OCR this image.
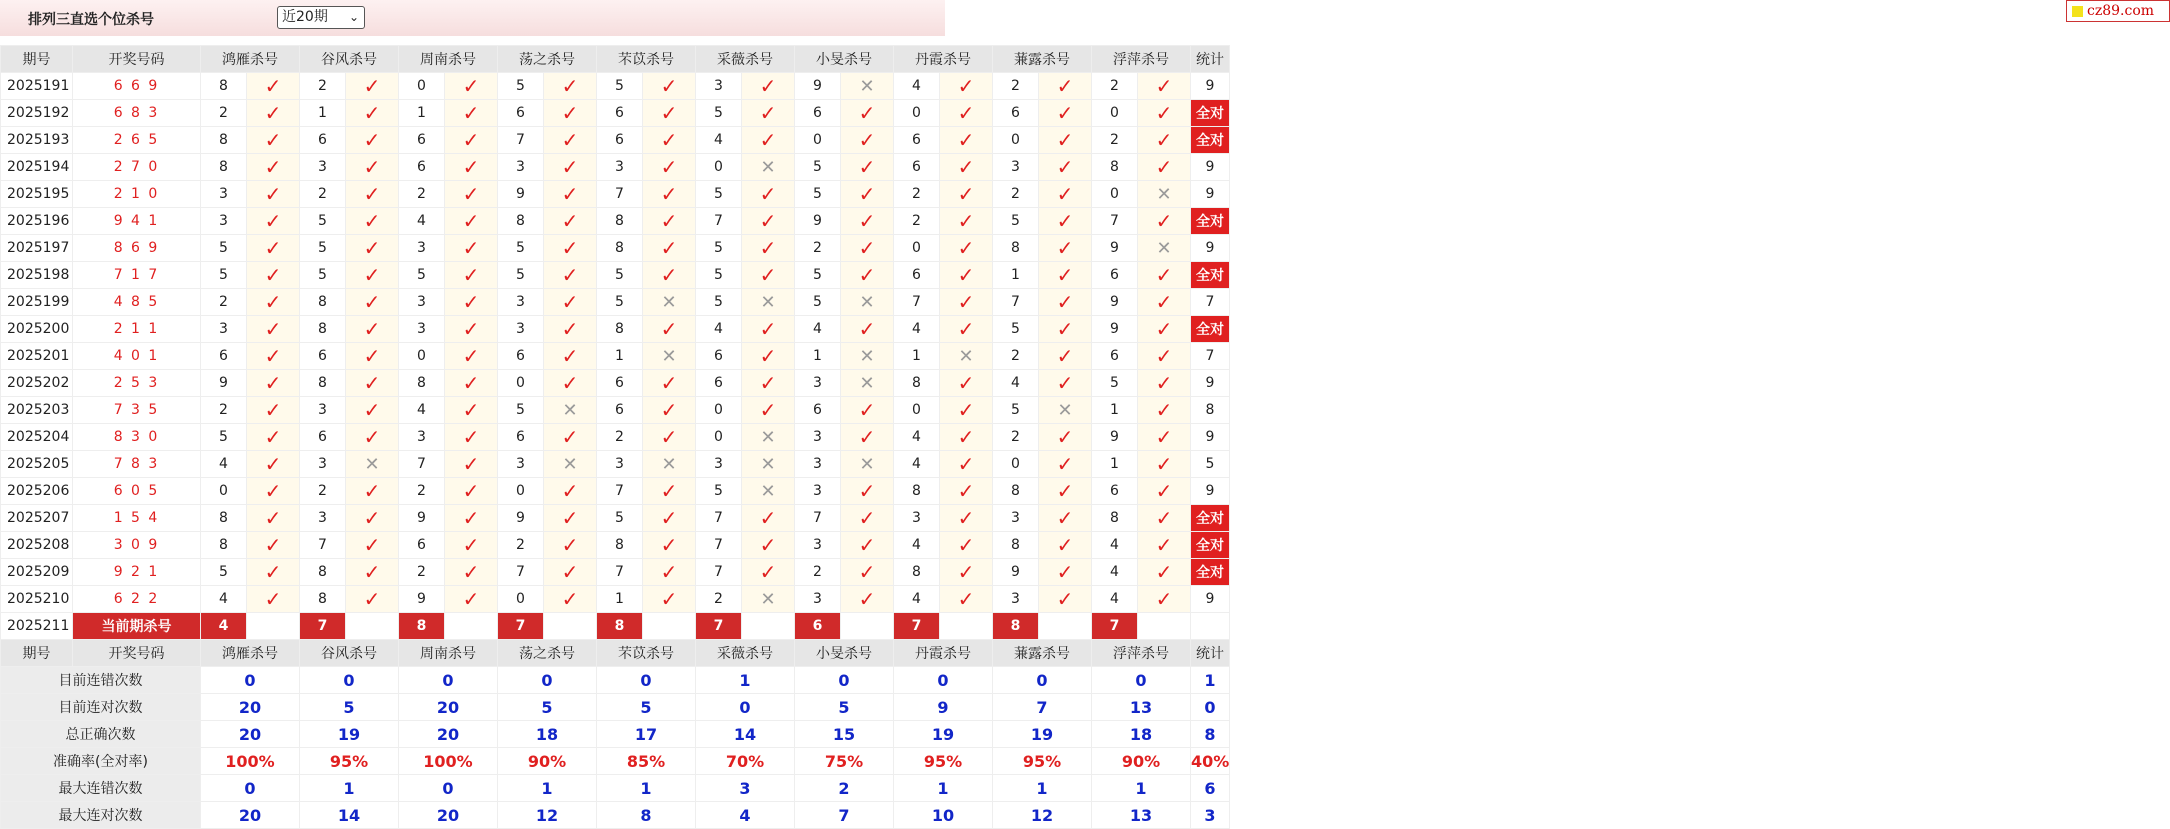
排列三直选个位杀号	近20期 ⌄	cz89.com
期号	开奖号码	鸿雁杀号		谷风杀号		周南杀号		荡之杀号		芣苡杀号		采薇杀号		小旻杀号		丹霞杀号		蒹露杀号		浮萍杀号		统计
2025191	6 6 9	8	✓	2	✓	0	✓	5	✓	5	✓	3	✓	9	✕	4	✓	2	✓	2	✓	9
2025192	6 8 3	2	✓	1	✓	1	✓	6	✓	6	✓	5	✓	6	✓	0	✓	6	✓	0	✓	全对
2025193	2 6 5	8	✓	6	✓	6	✓	7	✓	6	✓	4	✓	0	✓	6	✓	0	✓	2	✓	全对
2025194	2 7 0	8	✓	3	✓	6	✓	3	✓	3	✓	0	✕	5	✓	6	✓	3	✓	8	✓	9
2025195	2 1 0	3	✓	2	✓	2	✓	9	✓	7	✓	5	✓	5	✓	2	✓	2	✓	0	✕	9
2025196	9 4 1	3	✓	5	✓	4	✓	8	✓	8	✓	7	✓	9	✓	2	✓	5	✓	7	✓	全对
2025197	8 6 9	5	✓	5	✓	3	✓	5	✓	8	✓	5	✓	2	✓	0	✓	8	✓	9	✕	9
2025198	7 1 7	5	✓	5	✓	5	✓	5	✓	5	✓	5	✓	5	✓	6	✓	1	✓	6	✓	全对
2025199	4 8 5	2	✓	8	✓	3	✓	3	✓	5	✕	5	✕	5	✕	7	✓	7	✓	9	✓	7
2025200	2 1 1	3	✓	8	✓	3	✓	3	✓	8	✓	4	✓	4	✓	4	✓	5	✓	9	✓	全对
2025201	4 0 1	6	✓	6	✓	0	✓	6	✓	1	✕	6	✓	1	✕	1	✕	2	✓	6	✓	7
2025202	2 5 3	9	✓	8	✓	8	✓	0	✓	6	✓	6	✓	3	✕	8	✓	4	✓	5	✓	9
2025203	7 3 5	2	✓	3	✓	4	✓	5	✕	6	✓	0	✓	6	✓	0	✓	5	✕	1	✓	8
2025204	8 3 0	5	✓	6	✓	3	✓	6	✓	2	✓	0	✕	3	✓	4	✓	2	✓	9	✓	9
2025205	7 8 3	4	✓	3	✕	7	✓	3	✕	3	✕	3	✕	3	✕	4	✓	0	✓	1	✓	5
2025206	6 0 5	0	✓	2	✓	2	✓	0	✓	7	✓	5	✕	3	✓	8	✓	8	✓	6	✓	9
2025207	1 5 4	8	✓	3	✓	9	✓	9	✓	5	✓	7	✓	7	✓	3	✓	3	✓	8	✓	全对
2025208	3 0 9	8	✓	7	✓	6	✓	2	✓	8	✓	7	✓	3	✓	4	✓	8	✓	4	✓	全对
2025209	9 2 1	5	✓	8	✓	2	✓	7	✓	7	✓	7	✓	2	✓	8	✓	9	✓	4	✓	全对
2025210	6 2 2	4	✓	8	✓	9	✓	0	✓	1	✓	2	✕	3	✓	4	✓	3	✓	4	✓	9
2025211	当前期杀号	4		7		8		7		8		7		6		7		8		7		
期号	开奖号码	鸿雁杀号		谷风杀号		周南杀号		荡之杀号		芣苡杀号		采薇杀号		小旻杀号		丹霞杀号		蒹露杀号		浮萍杀号		统计
目前连错次数		0		0		0		0		0		1		0		0		0		0		1
目前连对次数		20		5		20		5		5		0		5		9		7		13		0
总正确次数		20		19		20		18		17		14		15		19		19		18		8
准确率(全对率)		100%		95%		100%		90%		85%		70%		75%		95%		95%		90%		40%
最大连错次数		0		1		0		1		1		3		2		1		1		1		6
最大连对次数		20		14		20		12		8		4		7		10		12		13		3
